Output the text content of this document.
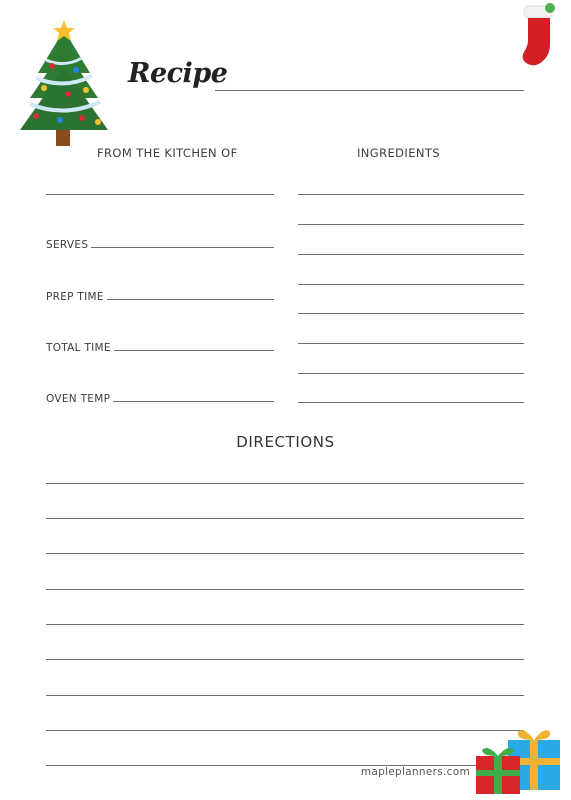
Recipe
FROM THE KITCHEN OF	INGREDIENTS
SERVES
PREP TIME
TOTAL TIME
OVEN TEMP
DIRECTIONS
mapleplanners.com
